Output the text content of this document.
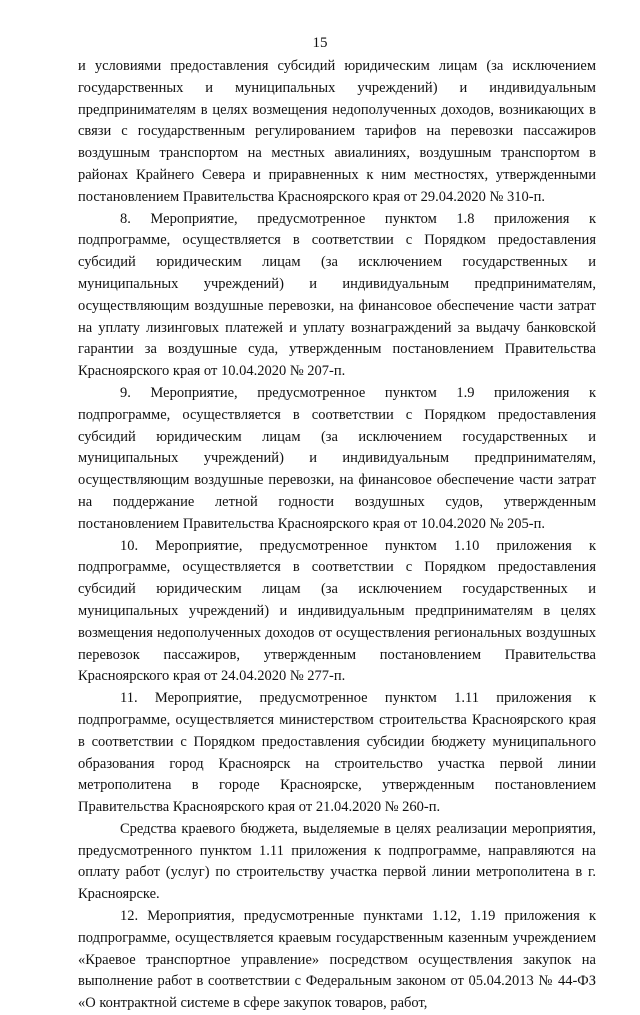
15

и условиями предоставления субсидий юридическим лицам (за исключением государственных и муниципальных учреждений) и индивидуальным предпринимателям в целях возмещения недополученных доходов, возникающих в связи с государственным регулированием тарифов на перевозки пассажиров воздушным транспортом на местных авиалиниях, воздушным транспортом в районах Крайнего Севера и приравненных к ним местностях, утвержденными постановлением Правительства Красноярского края от 29.04.2020 № 310-п.

8. Мероприятие, предусмотренное пунктом 1.8 приложения к подпрограмме, осуществляется в соответствии с Порядком предоставления субсидий юридическим лицам (за исключением государственных и муниципальных учреждений) и индивидуальным предпринимателям, осуществляющим воздушные перевозки, на финансовое обеспечение части затрат на уплату лизинговых платежей и уплату вознаграждений за выдачу банковской гарантии за воздушные суда, утвержденным постановлением Правительства Красноярского края от 10.04.2020 № 207-п.

9. Мероприятие, предусмотренное пунктом 1.9 приложения к подпрограмме, осуществляется в соответствии с Порядком предоставления субсидий юридическим лицам (за исключением государственных и муниципальных учреждений) и индивидуальным предпринимателям, осуществляющим воздушные перевозки, на финансовое обеспечение части затрат на поддержание летной годности воздушных судов, утвержденным постановлением Правительства Красноярского края от 10.04.2020 № 205-п.

10. Мероприятие, предусмотренное пунктом 1.10 приложения к подпрограмме, осуществляется в соответствии с Порядком предоставления субсидий юридическим лицам (за исключением государственных и муниципальных учреждений) и индивидуальным предпринимателям в целях возмещения недополученных доходов от осуществления региональных воздушных перевозок пассажиров, утвержденным постановлением Правительства Красноярского края от 24.04.2020 № 277-п.

11. Мероприятие, предусмотренное пунктом 1.11 приложения к подпрограмме, осуществляется министерством строительства Красноярского края в соответствии с Порядком предоставления субсидии бюджету муниципального образования город Красноярск на строительство участка первой линии метрополитена в городе Красноярске, утвержденным постановлением Правительства Красноярского края от 21.04.2020 № 260-п.

Средства краевого бюджета, выделяемые в целях реализации мероприятия, предусмотренного пунктом 1.11 приложения к подпрограмме, направляются на оплату работ (услуг) по строительству участка первой линии метрополитена в г. Красноярске.

12. Мероприятия, предусмотренные пунктами 1.12, 1.19 приложения к подпрограмме, осуществляется краевым государственным казенным учреждением «Краевое транспортное управление» посредством осуществления закупок на выполнение работ в соответствии с Федеральным законом от 05.04.2013 № 44-ФЗ «О контрактной системе в сфере закупок товаров, работ,
